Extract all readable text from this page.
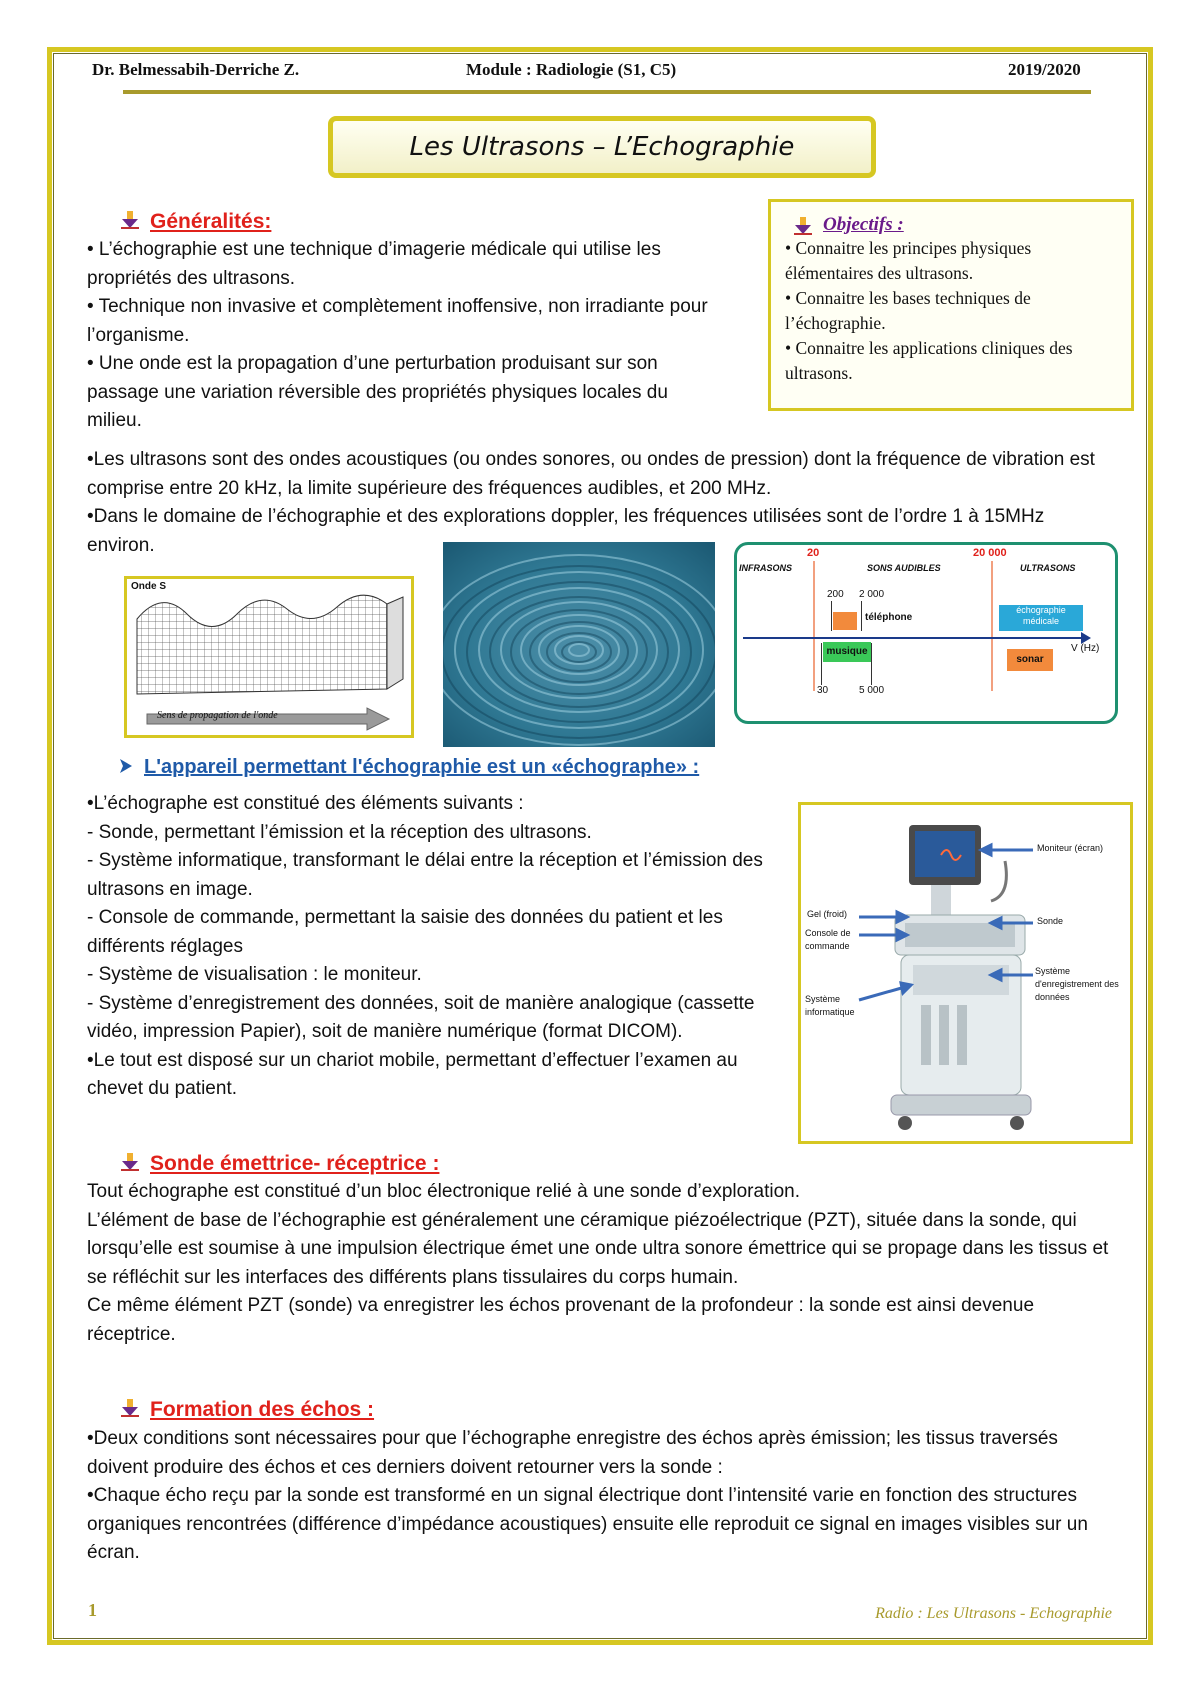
Dr. Belmessabih-Derriche Z.	Module : Radiologie (S1, C5)	2019/2020
Les Ultrasons – L’Echographie
Généralités:

• L’échographie est une technique d’imagerie médicale qui utilise les propriétés des ultrasons.

• Technique non invasive et complètement inoffensive, non irradiante pour l’organisme.

• Une onde est la propagation d’une perturbation produisant sur son passage une variation réversible des propriétés physiques locales du milieu.

•Les ultrasons sont des ondes acoustiques (ou ondes sonores, ou ondes de pression) dont la fréquence de vibration est comprise entre 20 kHz, la limite supérieure des fréquences audibles, et 200 MHz.

•Dans le domaine de l’échographie et des explorations doppler, les fréquences utilisées sont de l’ordre 1 à 15MHz environ.

Objectifs :

• Connaitre les principes physiques élémentaires des ultrasons.

• Connaitre les bases techniques de l’échographie.

• Connaitre les applications cliniques des ultrasons.

Onde S
Sens de propagation de l'onde
20	20 000
INFRASONS	SONS AUDIBLES	ULTRASONS
200 2 000
téléphone
échographie médicale
V (Hz)
musique
sonar
30	5 000
L'appareil permettant l'échographie est un «échographe» :

•L’échographe est constitué des éléments suivants :

- Sonde, permettant l’émission et la réception des ultrasons.

- Système informatique, transformant le délai entre la réception et l’émission des ultrasons en image.

- Console de commande, permettant la saisie des données du patient et les différents réglages

- Système de visualisation : le moniteur.

- Système d’enregistrement des données, soit de manière analogique (cassette vidéo, impression Papier), soit de manière numérique (format DICOM).

•Le tout est disposé sur un chariot mobile, permettant d’effectuer l’examen au chevet du patient.

Moniteur (écran)
Gel (froid)
Sonde
Console de commande
Système d'enregistrement des données
Système informatique
Sonde émettrice- réceptrice :

Tout échographe est constitué d’un bloc électronique relié à une sonde d’exploration.

L’élément de base de l’échographie est généralement une céramique piézoélectrique (PZT), située dans la sonde, qui lorsqu’elle est soumise à une impulsion électrique émet une onde ultra sonore émettrice qui se propage dans les tissus et se réfléchit sur les interfaces des différents plans tissulaires du corps humain.

Ce même élément PZT (sonde) va enregistrer les échos provenant de la profondeur : la sonde est ainsi devenue réceptrice.

Formation des échos :

•Deux conditions sont nécessaires pour que l’échographe enregistre des échos après émission; les tissus traversés doivent produire des échos et ces derniers doivent retourner vers la sonde :

•Chaque écho reçu par la sonde est transformé en un signal électrique dont l’intensité varie en fonction des structures organiques rencontrées (différence d’impédance acoustiques) ensuite elle reproduit ce signal en images visibles sur un écran.

1	Radio : Les Ultrasons - Echographie
